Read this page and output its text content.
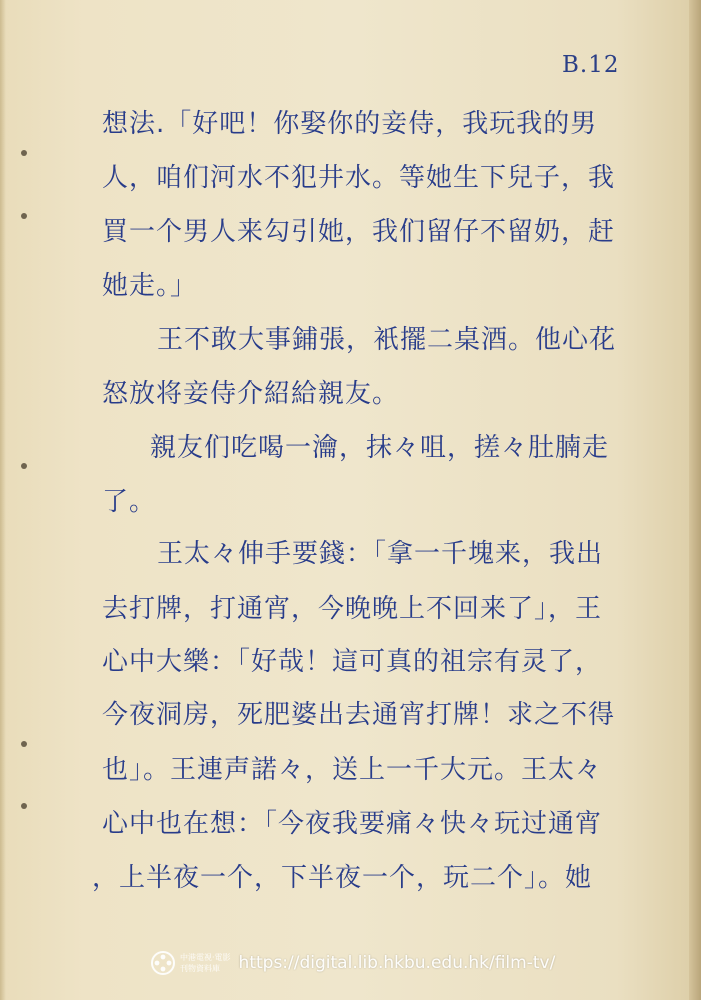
B.12
想法.「好吧！你娶你的妾侍，我玩我的男
人，咱们河水不犯井水。等她生下兒子，我
買一个男人来勾引她，我们留仔不留奶，赶
她走。」
王不敢大事鋪張，衹擺二桌酒。他心花
怒放将妾侍介紹給親友。
親友们吃喝一瀹，抹々咀，搓々肚腩走
了。
王太々伸手要錢：「拿一千塊来，我出
去打牌，打通宵，今晚晚上不回来了」，王
心中大樂：「好哉！這可真的祖宗有灵了，
今夜洞房，死肥婆出去通宵打牌！求之不得
也」。王連声諾々，送上一千大元。王太々
心中也在想：「今夜我要痛々快々玩过通宵
，上半夜一个，下半夜一个，玩二个」。她
中港電視·電影
刊物資料庫	https://digital.lib.hkbu.edu.hk/film-tv/
